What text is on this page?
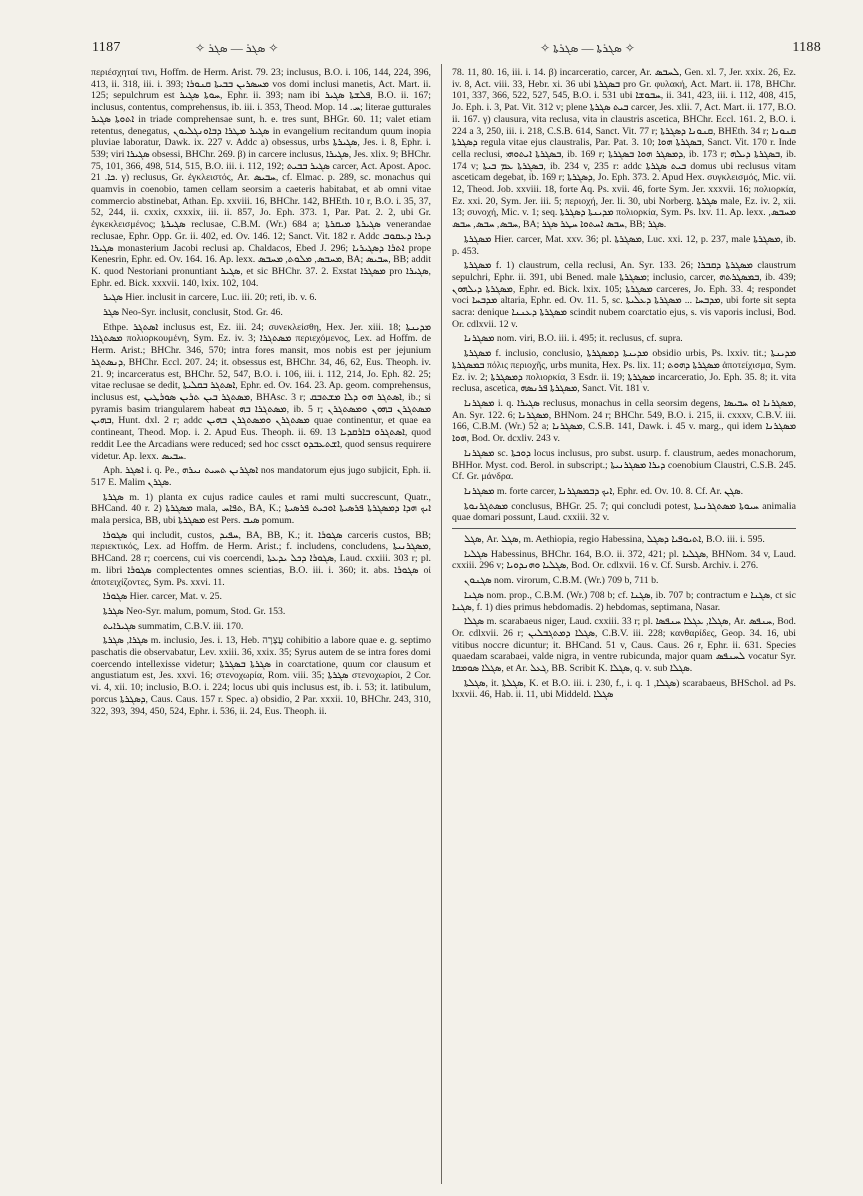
1187	✧ ܣܓܪ — ܣܓܪ ✧	✧ ܣܓܪܬܐ — ܣܓܪܬܐ ✧	1188

περιέσχηταί τινι, Hoffm. de Herm. Arist. 79. 23; inclusus, B.O. i. 106, 144, 224, 396, 413, ii. 318, iii. i. 393; ܡܚܣܪܝܢ ܒܒܝܬܐ ܩܢܘܪܐ vos domi inclusi manetis, Act. Mart. ii. 125; sepulchrum est ܚܘܬܐ ܣܓܝܪ, Ephr. ii. 393; nam ibi ܦܠܫܬܐ ܣܓܝܪ, B.O. ii. 167; inclusus, contentus, comprehensus, ib. iii. i. 353, Theod. Mop. ܚ. 14; literae gutturales ܐܬܘܬܐ ܣܓܝܪ in triade comprehensae sunt, h. e. tres sunt, BHGr. 60. 11; valet etiam retentus, denegatus, ܣܓܝܪ ܡܛܪܐ ܕܒܐܘܢܓܠܝܘܢ in evangelium recitandum quum inopia pluviae laboratur, Dawk. ix. 227 v. Addc a) obsessus, urbs ܣܓܝܪܬܐ, Jes. i. 8, Ephr. i. 539; viri ܣܓܝܪܐ obsessi, BHChr. 269. β) in carcere inclusus, ܣܓܝܪܐ, Jes. xlix. 9; BHChr. 75, 101, 366, 498, 514, 515, B.O. iii. i. 112, 192; ܣܓܝܪ ܒܒܝܬ carcer, Act. Apost. Apoc. ܟܐ. 21. γ) reclusus, Gr. ἐγκλειστός, Ar. ܚܒܝܣ, cf. Elmac. p. 289, sc. monachus qui quamvis in coenobio, tamen cellam seorsim a caeteris habitabat, et ab omni vitae commercio abstinebat, Athan. Ep. xxviii. 16, BHChr. 142, BHEth. 10 r, B.O. i. 35, 37, 52, 244, ii. cxxix, cxxxix, iii. ii. 857, Jo. Eph. 373. 1, Par. Pat. 2. 2, ubi Gr. ἐγκεκλεισμένος; ܣܓܝܪܬܐ reclusae, C.B.M. (Wr.) 684 a; ܣܓܝܪܬܐ ܡܝܩܪܬܐ venerandae reclusae, Ephr. Opp. Gr. ii. 402, ed. Ov. 146. 12; Sanct. Vit. 182 r. Addc ܕܝܪܐ ܕܥܩܘܒ ܣܓܝܪܐ monasterium Jacobi reclusi ap. Chaldacos, Ebed J. 296; ܐܬܪܐ ܕܣܓܝܪܝܐ prope Kenesrin, Ephr. ed. Ov. 164. 16. Ap. lexx. ܡܚܒܣ, ܡܠܘܬ, ܡܚܒܣ, BA; ܚܒܝܣ, BB; addit K. quod Nestoriani pronuntiant ܣܓܝܪ, et sic BHChr. 37. 2. Exstat ܡܣܓܪܐ pro ܣܓܝܪܐ, Ephr. ed. Bick. xxxvii. 140, lxix. 102, 104.

ܣܓܝܪ Hier. inclusit in carcere, Luc. iii. 20; reti, ib. v. 6.

ܣܓܪ Neo-Syr. inclusit, conclusit, Stod. Gr. 46.

Ethpe. ܐܣܬܓܪ inclusus est, Ez. iii. 24; συνεκλείσθη, Hex. Jer. xiii. 18; ܡܕܝܢܬܐ ܡܣܬܓܪܐ πολιορκουμένη, Sym. Ez. iv. 3; ܡܣܬܓܪܐ περιεχόμενος, Lex. ad Hoffm. de Herm. Arist.; BHChr. 346, 570; intra fores mansit, mos nobis est per jejunium ܕܢܣܬܓܪ, BHChr. Eccl. 207. 24; it. obsessus est, BHChr. 34, 46, 62, Eus. Theoph. iv. 21. 9; incarceratus est, BHChr. 52, 547, B.O. i. 106, iii. i. 112, 214, Jo. Eph. 82. 25; vitae reclusae se dedit, ܐܣܬܓܪ ܒܩܠܝܬܐ, Ephr. ed. Ov. 164. 23. Ap. geom. comprehensus, inclusus est, ܡܣܬܓܪ ܒܝܢ ܬܪܝܢ ܣܘܪܛܝܢ, BHAsc. 3 r; ܐܣܬܓܪ ܗܘ ܕܠܐ ܡܫܬܒܩ, ib.; si pyramis basim triangularem habeat ܡܣܬܓܪܐ ܒܗ, ib. 5 r; ܡܣܬܓܪܢ ܒܗܘܢ ܘܡܣܬܓܪܢ ܒܗܝܢ, Hunt. dxl. 2 r; addc ܡܣܬܓܪܢ ܘܡܣܬܓܪܢ ܒܗܝܢ quae continentur, et quae ea contineant, Theod. Mop. i. 2. Apud Eus. Theoph. ii. 69. 13 ܐܣܬܓܪܘ ܒܐܪܩܕܝܐ, quod reddit Lee the Arcadians were reduced; sed hoc cssct ܐܫܬܥܒܕܘ, quod sensus requirere videtur. Ap. lexx. ܚܒܝܣ.

Aph. ܐܣܓܪ i. q. Pe., ܐܣܓܪܢܢ ܬܚܝܬ ܢܝܪܗ nos mandatorum ejus jugo subjicit, Eph. ii. 517 E. Malim ܣܓܪܢ.

ܣܓܪܬܐ m. 1) planta ex cujus radice caules et rami multi succrescunt, Quatr., BHCand. 40 r. 2) ܡܣܓܪܬܐ mala, ܬܦܐܚ, BA, K.; ܐܝܟ ܗܕܐ ܕܡܣܓܪܬܐ ܦܪܣܝܬܐ ܐܘܟܝܬ ܦܪܣܝܬܐ mala persica, BB, ubi ܡܣܓܪܬܐ est Pers. ܣܝܒ pomum.

ܣܓܘܪܐ qui includit, custos, ܚܦܝܕ, BA, BB, K.; it. ܣܓܘܪܐ carceris custos, BB; περιεκτικός, Lex. ad Hoffm. de Herm. Arist.; f. includens, concludens, ܡܣܓܪܢܝܬܐ, BHCand. 28 r; coercens, cui vis coercendi, ܣܓܘܪܐ ܕܟܠ ܝܕܥܬܐ, Laud. cxxiii. 303 r; pl. m. libri ܣܓܘܪܐ complectentes omnes scientias, B.O. iii. i. 360; it. abs. ܣܓܘܪܐ οἱ ἀποτειχίζοντες, Sym. Ps. xxvi. 11.

ܣܓܘܪܐ Hier. carcer, Mat. v. 25.

ܣܓܪܬܐ Neo-Syr. malum, pomum, Stod. Gr. 153.

ܣܓܝܪܐܝܬ summatim, C.B.V. iii. 170.

ܣܓܪܐ, ܣܓܪܬܐ m. inclusio, Jes. i. 13, Heb. עֲצָרָה cohibitio a labore quae e. g. septimo paschatis die observabatur, Lev. xxiii. 36, xxix. 35; Syrus autem de se intra fores domi coercendo intellexisse videtur; ܣܓܪܬܐ ܒܣܓܪܬܐ in coarctatione, quum cor clausum et angustiatum est, Jes. xxvi. 16; στενοχωρία, Rom. viii. 35; ܣܓܪܬܐ στενοχωρίοι, 2 Cor. vi. 4, xii. 10; inclusio, B.O. i. 224; locus ubi quis inclusus est, ib. i. 53; it. latibulum, porcus ܕܣܓܪܬܐ, Caus. Caus. 157 r. Spec. a) obsidio, 2 Par. xxxii. 10, BHChr. 243, 310, 322, 393, 394, 450, 524, Ephr. i. 536, ii. 24, Eus. Theoph. ii.

78. 11, 80. 16, iii. i. 14. β) incarceratio, carcer, Ar. ܠܚܒܣ, Gen. xl. 7, Jer. xxix. 26, Ez. iv. 8, Act. viii. 33, Hebr. xi. 36 ubi ܒܣܓܪܬܐ pro Gr. φυλακή, Act. Mart. ii. 178, BHChr. 101, 337, 366, 522, 527, 545, B.O. i. 531 ubi ܚܒܘܫܐ, ii. 341, 423, iii. i. 112, 408, 415, Jo. Eph. i. 3, Pat. Vit. 312 v; plene ܒܝܬ ܣܓܪܬܐ carcer, Jes. xlii. 7, Act. Mart. ii. 177, B.O. ii. 167. γ) clausura, vita reclusa, vita in claustris ascetica, BHChr. Eccl. 161. 2, B.O. i. 224 a 3, 250, iii. i. 218, C.S.B. 614, Sanct. Vit. 77 r; ܩܢܘܢܐ ܕܣܓܪܬܐ, BHEth. 34 r; ܩܢܘܢܐ ܕܣܓܪܬܐ regula vitae ejus claustralis, Par. Pat. 3. 10; ܒܣܓܪܬܐ ܗܘܐ, Sanct. Vit. 170 r. Inde cella reclusi, ܒܣܓܪܬܐ ܐܝܬܘܗܝ, ib. 169 r; ܕܡܣܓܪ ܗܘܐ ܒܣܓܪܬܐ, ib. 173 r; ܒܣܓܪܬܐ ܕܝܠܗ, ib. 174 v; ܒܣܓܪܬܐ ܥܡ ܒܝܬܐ, ib. 234 v, 235 r: addc ܒܝܬ ܣܓܪܬܐ domus ubi reclusus vitam asceticam degebat, ib. 169 r; ܕܣܓܪܬܐ, Jo. Eph. 373. 2. Apud Hex. συγκλεισμός, Mic. vii. 12, Theod. Job. xxviii. 18, forte Aq. Ps. xvii. 46, forte Sym. Jer. xxxvii. 16; πολιορκία, Ez. xxi. 20, Sym. Jer. iii. 5; περιοχή, Jer. li. 30, ubi Norberg. ܣܓܪܬܐ male, Ez. iv. 2, xii. 13; συνοχή, Mic. v. 1; seq. ܡܕܝܢܬܐ ܕܣܓܪܬܐ πολιορκία, Sym. Ps. lxv. 11. Ap. lexx. ܡܚܒܣ, ܚܒܣ, ܚܒܣ, ܚܒܣ, BA; ܚܒܣ ܐܚܬܘܐ ܚܛܪ ܣܓܪ, BB; ܣܓܪ.

ܡܣܓܪܬܐ Hier. carcer, Mat. xxv. 36; pl. ܡܣܓܪܬܐ, Luc. xxi. 12, p. 237, male ܡܣܓܪܬܐ, ib. p. 453.

ܡܣܓܪܬܐ f. 1) claustrum, cella reclusi, An. Syr. 133. 26; ܡܣܓܪܬܐ ܕܩܒܪܐ claustrum sepulchri, Ephr. ii. 391, ubi Bened. male ܡܣܓܪܬܐ; inclusio, carcer, ܒܡܣܓܪܬܗ, ib. 439; ܡܣܓܪܬܐ ܕܝܠܗܘܢ, Ephr. ed. Bick. lxix. 105; ܡܣܓܪܬܐ carceres, Jo. Eph. 33. 4; respondet voci ܡܕܒܚܐ altaria, Ephr. ed. Ov. 11. 5, sc. ܡܕܒܚܐ ... ܡܣܓܪܬܐ ܕܥܠܝܬܐ, ubi forte sit septa sacra: denique ܡܣܓܪܬܐ ܕܥܢܢܐ scindit nubem coarctatio ejus, s. vis vaporis inclusi, Bod. Or. cdlxvii. 12 v.

ܡܣܓܪܢܐ nom. viri, B.O. iii. i. 495; it. reclusus, cf. supra.

ܡܣܓܪܬܐ f. inclusio, conclusio, ܡܕܝܢܬܐ ܕܡܣܓܪܬܐ obsidio urbis, Ps. lxxiv. tit.; ܡܕܝܢܬܐ ܒܡܣܓܪܬܐ πόλις περιοχῆς, urbs munita, Hex. Ps. lix. 11; ܡܣܓܪܬܐ ܕܗܘܬ ἀποτείχισμα, Sym. Ez. iv. 2; ܕܡܣܓܪܬܐ πολιορκία, 3 Esdr. ii. 19; ܡܣܓܪܬܐ incarceratio, Jo. Eph. 35. 8; it. vita reclusa, ascetica, ܡܣܓܪܬܐ ܦܪܢܣܗ, Sanct. Vit. 181 v.

ܡܣܓܪܢܐ i. q. ܣܓܝܪܐ reclusus, monachus in cella seorsim degens, ܡܣܓܪܢܐ ܐܘ ܚܒܝܣܐ, An. Syr. 122. 6; ܡܣܓܪܢܐ, BHNom. 24 r; BHChr. 549, B.O. i. 215, ii. cxxxv, C.B.V. iii. 166, C.B.M. (Wr.) 52 a; ܡܣܓܪܢܐ, C.S.B. 141, Dawk. i. 45 v. marg., qui idem ܡܣܓܪܢܐ ܗܘܐ, Bod. Or. dcxliv. 243 v.

ܡܣܓܪܢܐ sc. ܕܘܟܬܐ locus inclusus, pro subst. usurp. f. claustrum, aedes monachorum, BHHor. Myst. cod. Berol. in subscript.; ܕܝܪܐ ܡܣܓܪܢܝܬܐ coenobium Claustri, C.S.B. 245. Cf. Gr. μάνδρα.

ܡܣܓܪܢܐ m. forte carcer, ܐܝܟ ܕܒܡܣܓܪܢܐ, Ephr. ed. Ov. 10. 8. Cf. Ar. ܣܓܢ.

ܡܣܬܓܪܢܘܬܐ conclusus, BHGr. 25. 7; qui concludi potest, ܚܝܘܬܐ ܡܣܬܓܪܢܝܬܐ animalia quae domari possunt, Laud. cxxiii. 32 v.

ܣܓܠ, Ar. ܣܓܠ, m. Aethiopia, regio Habessina, ܐܬܝܘܦܝܐ ܕܣܓܠ, B.O. iii. i. 595.

ܣܓܠܝܐ Habessinus, BHChr. 164, B.O. ii. 372, 421; pl. ܣܓܠܝܐ, BHNom. 34 v, Laud. cxxiii. 296 v; ܣܓܠܝܐ ܘܗܢܕܘܝܐ, Bod. Or. cdlxvii. 16 v. Cf. Sursb. Archiv. i. 276.

ܣܓܢܘܢ nom. virorum, C.B.M. (Wr.) 709 b, 711 b.

ܣܓܢܐ nom. prop., C.B.M. (Wr.) 708 b; cf. ܣܓܢܐ, ib. 707 b; contractum e ܣܓܢܐ, ct sic ܣܓܢܐ, f. 1) dies primus hebdomadis. 2) hebdomas, septimana, Nasar.

ܣܓܠܐ m. scarabaeus niger, Laud. cxxiii. 33 r; pl. ܣܓܠܐ, ܥܓܠܐ ܚܢܦܣܐ, Ar. ܚܢܦܣ, Bod. Or. cdlxvii. 26 r; ܣܓܠܐ ܕܡܬܓܒܠܝܢ, C.B.V. iii. 228; κανθαρίδες, Geop. 34. 16, ubi vitibus noccre dicuntur; it. BHCand. 51 v, Caus. Caus. 26 r, Ephr. ii. 631. Species quaedam scarabaei, valde nigra, in ventre rubicunda, major quam ܠܚܢܦܣ vocatur Syr. ܣܓܠܐ ܣܘܡܩܐ, et Ar. ܓܥܠ, BB. Scribit K. ܣܓܠܐ, q. v. sub ܣܓܠܐ.

ܣܓܠܬܐ, it. ܣܓܠܬܐ, K. et B.O. iii. i. 230, f., i. q. ܣܓܠܐ, 1) scarabaeus, BHSchol. ad Ps. lxxvii. 46, Hab. ii. 11, ubi Middeld. ܣܓܠܐ
